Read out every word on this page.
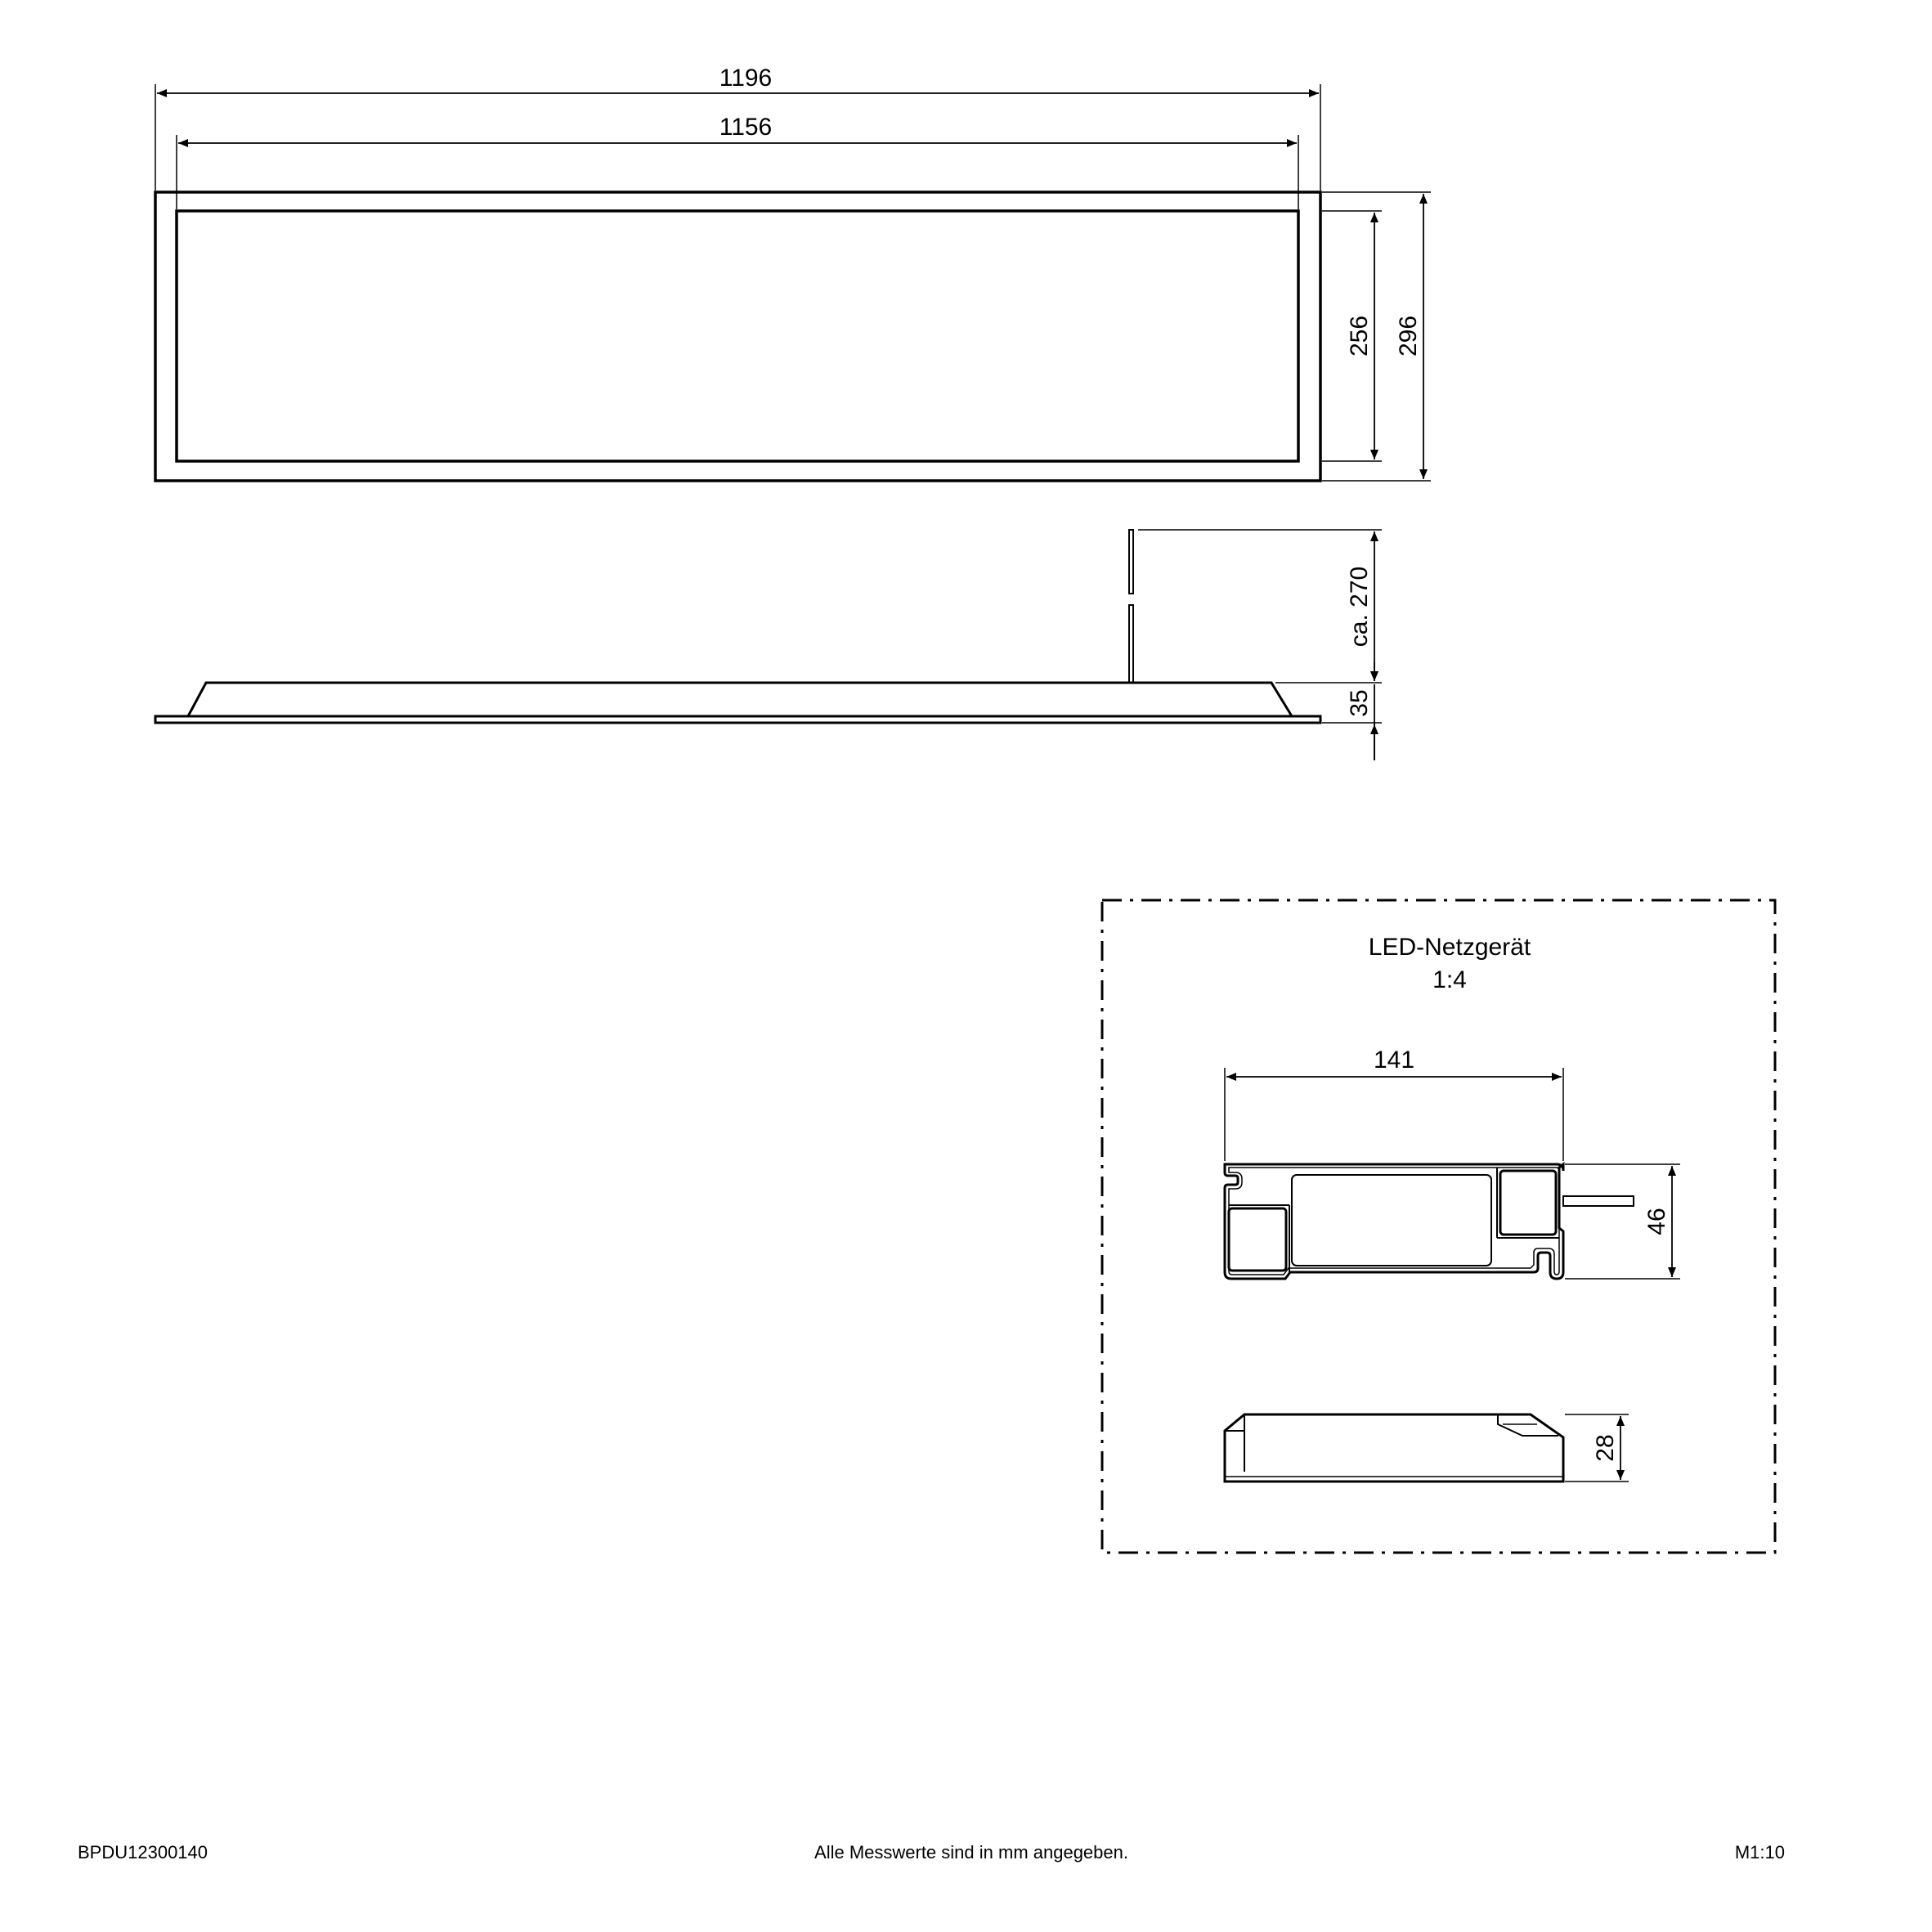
1196
1156
256 296
ca. 270
35
LED-Netzgerät
1:4
141
46
28
BPDU12300140	Alle Messwerte sind in mm angegeben.	M1:10
